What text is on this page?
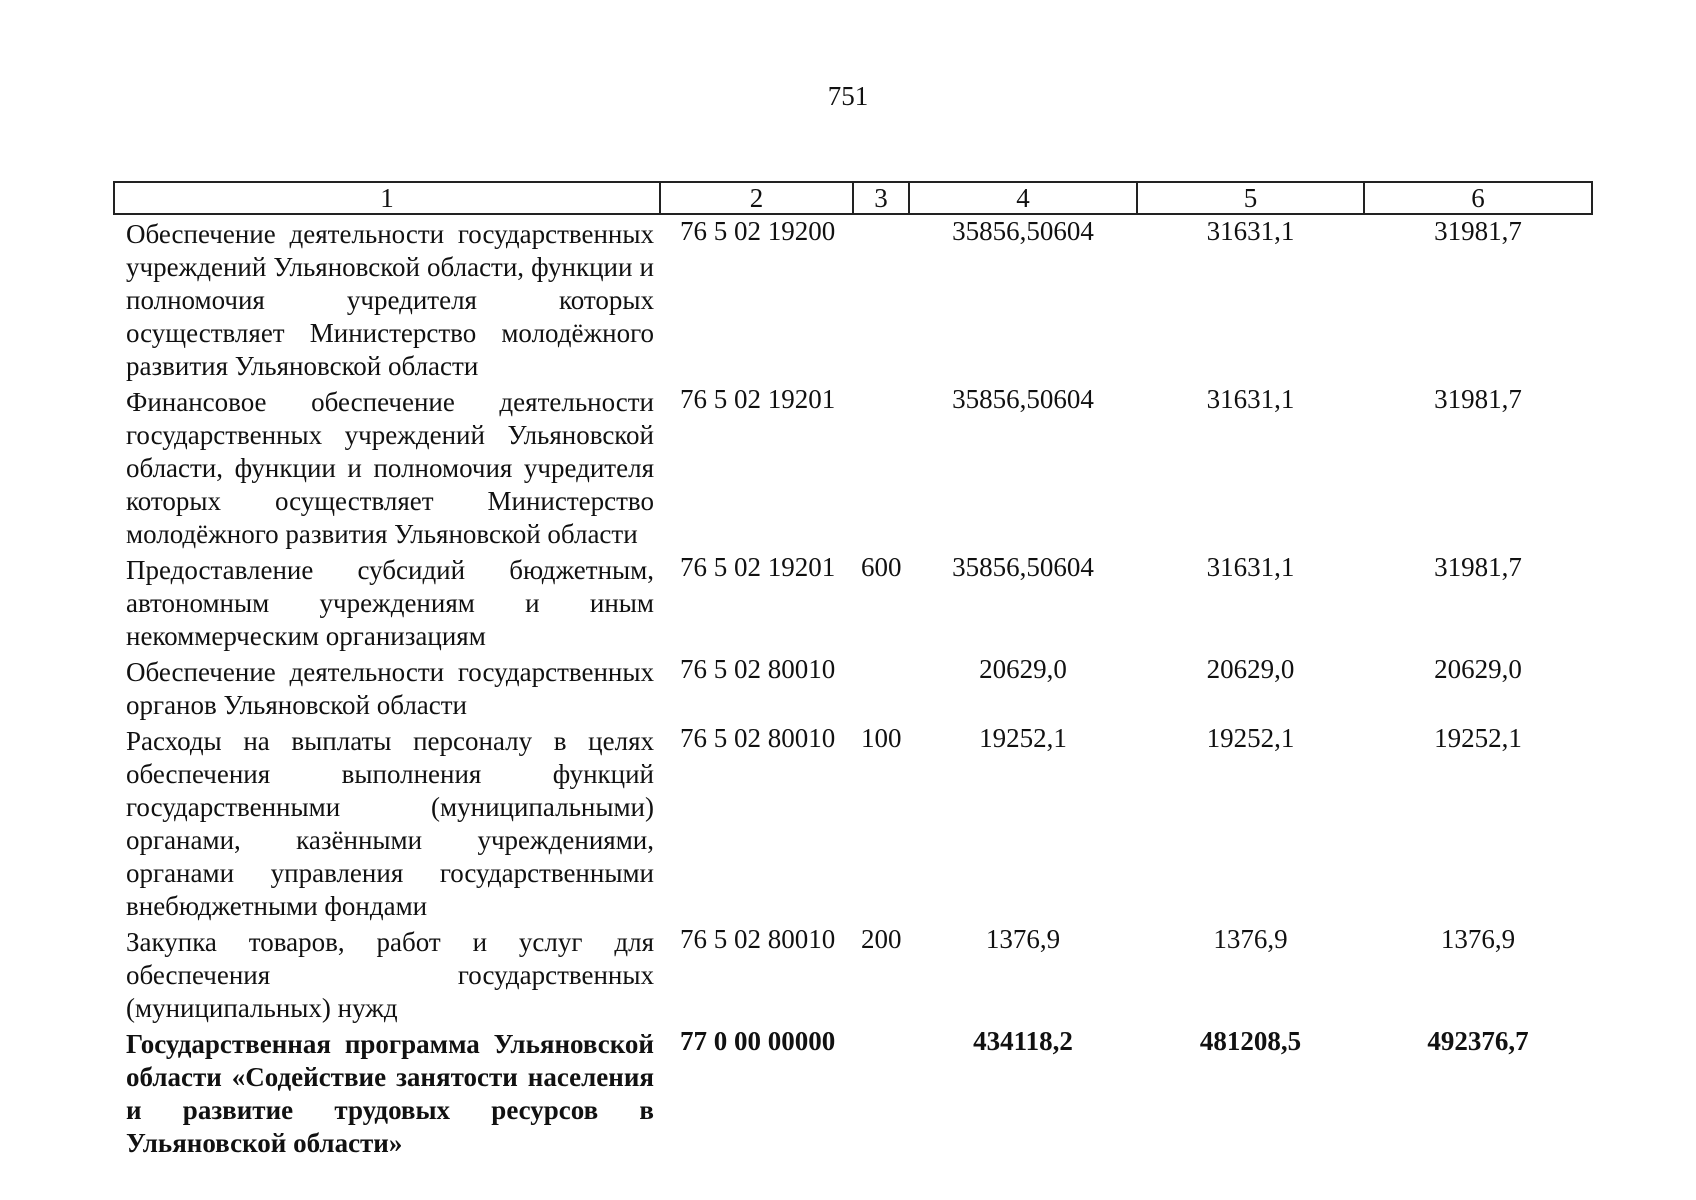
751
1	2	3	4	5	6
Обеспечение деятельности государственных учреждений Ульяновской области, функции и полномочия учредителя которых осуществляет Министерство молодёжного развития Ульяновской области	76 5 02 19200		35856,50604	31631,1	31981,7
Финансовое обеспечение деятельности государственных учреждений Ульяновской области, функции и полномочия учредителя которых осуществляет Министерство молодёжного развития Ульяновской области	76 5 02 19201		35856,50604	31631,1	31981,7
Предоставление субсидий бюджетным, автономным учреждениям и иным некоммерческим организациям	76 5 02 19201	600	35856,50604	31631,1	31981,7
Обеспечение деятельности государственных органов Ульяновской области	76 5 02 80010		20629,0	20629,0	20629,0
Расходы на выплаты персоналу в целях обеспечения выполнения функций государственными (муниципальными) органами, казёнными учреждениями, органами управления государственными внебюджетными фондами	76 5 02 80010	100	19252,1	19252,1	19252,1
Закупка товаров, работ и услуг для обеспечения государственных (муниципальных) нужд	76 5 02 80010	200	1376,9	1376,9	1376,9
Государственная программа Ульяновской области «Содействие занятости населения и развитие трудовых ресурсов в Ульяновской области»	77 0 00 00000		434118,2	481208,5	492376,7
